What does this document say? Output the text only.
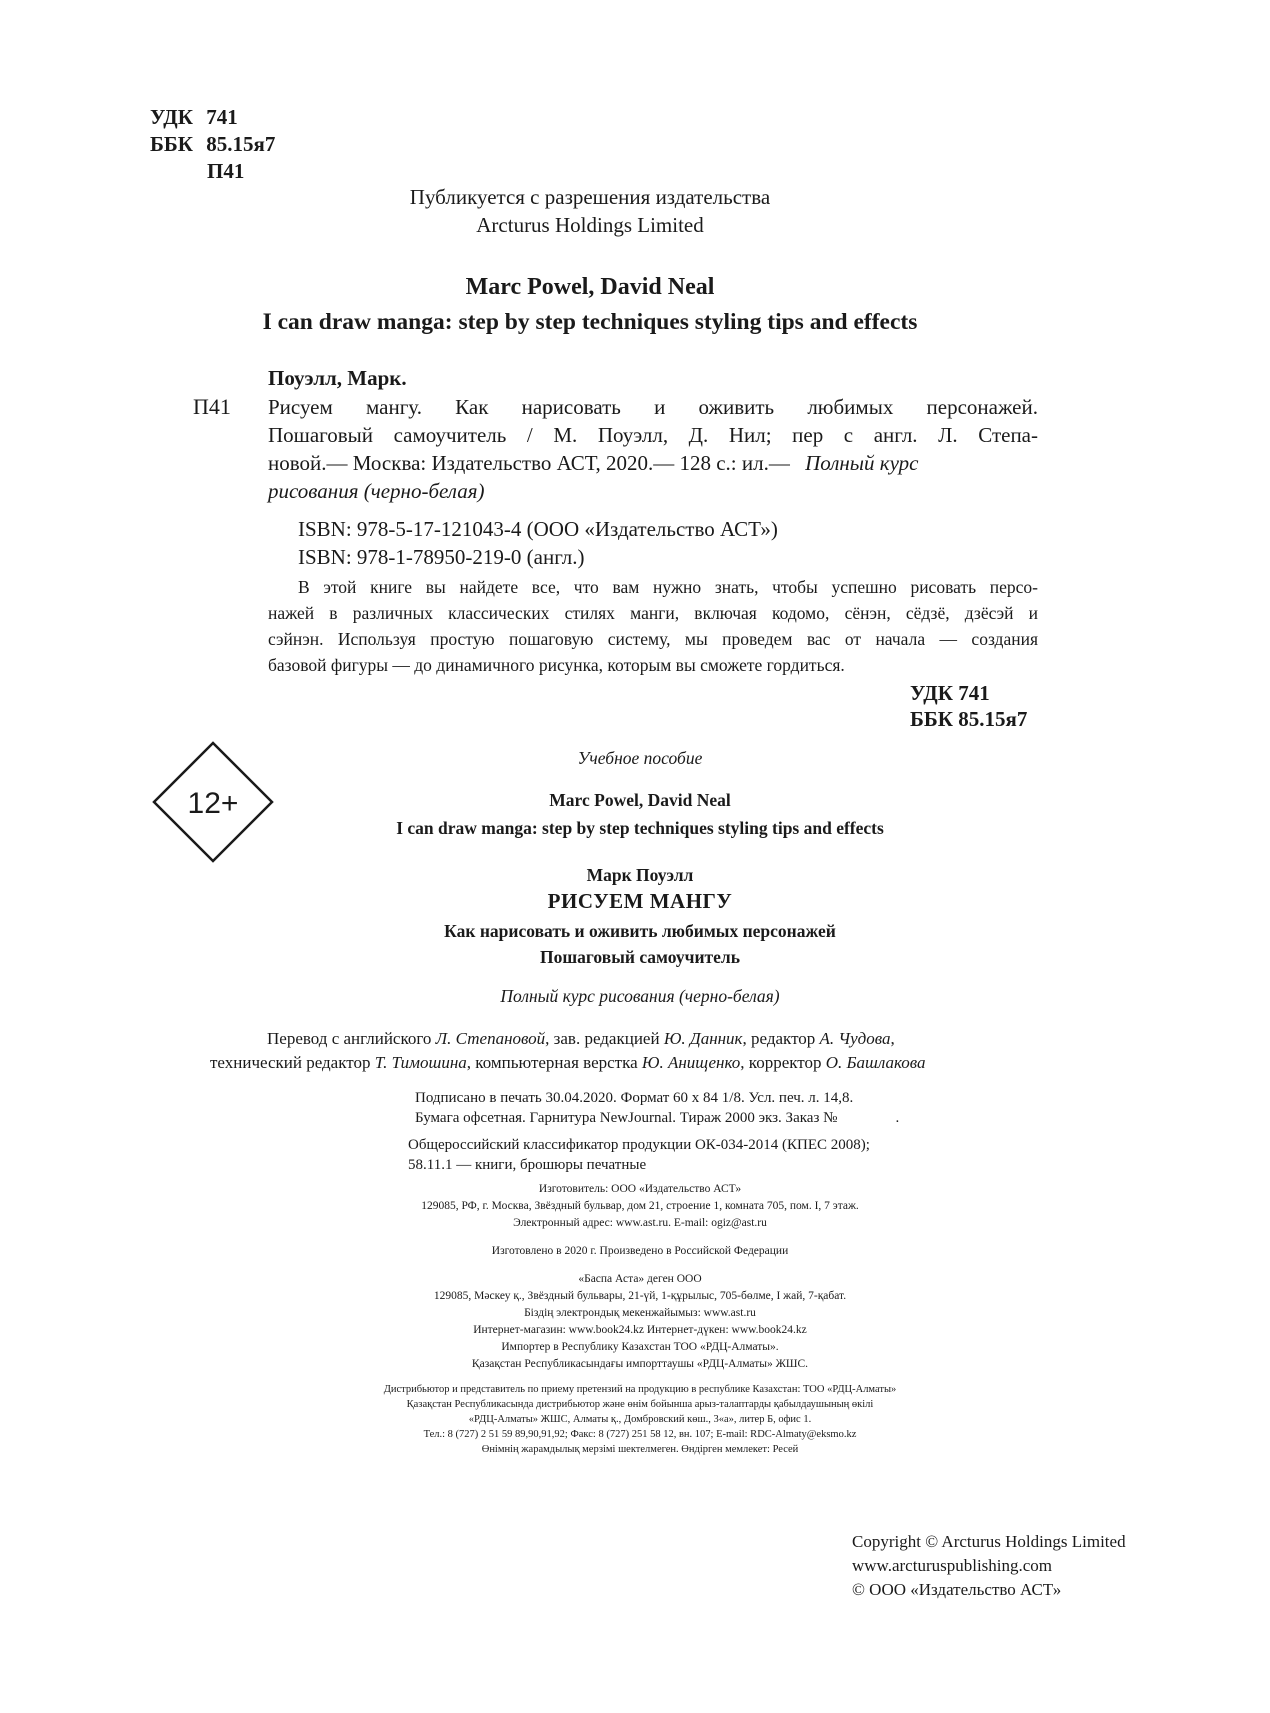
УДК 741
ББК 85.15я7
П41
Публикуется с разрешения издательства
Arcturus Holdings Limited
Marc Powel, David Neal
I can draw manga: step by step techniques styling tips and effects
Поуэлл, Марк.
П41 Рисуем мангу. Как нарисовать и оживить любимых персонажей.
Пошаговый самоучитель / М. Поуэлл, Д. Нил; пер с англ. Л. Степа-
новой.— Москва: Издательство АСТ, 2020.— 128 с.: ил.— Полный курс
рисования (черно-белая)
ISBN: 978-5-17-121043-4 (ООО «Издательство АСТ»)
ISBN: 978-1-78950-219-0 (англ.)
В этой книге вы найдете все, что вам нужно знать, чтобы успешно рисовать персо-
нажей в различных классических стилях манги, включая кодомо, сёнэн, сёдзё, дзёсэй и
сэйнэн. Используя простую пошаговую систему, мы проведем вас от начала — создания
базовой фигуры — до динамичного рисунка, которым вы сможете гордиться.
УДК 741
ББК 85.15я7
Учебное пособие
12+	Marc Powel, David Neal
I can draw manga: step by step techniques styling tips and effects
Марк Поуэлл
РИСУЕМ МАНГУ
Как нарисовать и оживить любимых персонажей
Пошаговый самоучитель
Полный курс рисования (черно-белая)
Перевод с английского Л. Степановой, зав. редакцией Ю. Данник, редактор А. Чудова,
технический редактор Т. Тимошина, компьютерная верстка Ю. Анищенко, корректор О. Башлакова
Подписано в печать 30.04.2020. Формат 60 x 84 1/8. Усл. печ. л. 14,8.
Бумага офсетная. Гарнитура NewJournal. Тираж 2000 экз. Заказ №	.
Общероссийский классификатор продукции ОК-034-2014 (КПЕС 2008);
58.11.1 — книги, брошюры печатные
Изготовитель: ООО «Издательство АСТ»
129085, РФ, г. Москва, Звёздный бульвар, дом 21, строение 1, комната 705, пом. I, 7 этаж.
Электронный адрес: www.ast.ru. E-mail: ogiz@ast.ru
Изготовлено в 2020 г. Произведено в Российской Федерации
«Баспа Аста» деген ООО
129085, Мәскеу қ., Звёздный бульвары, 21-үй, 1-құрылыс, 705-бөлме, I жай, 7-қабат.
Біздің электрондық мекенжайымыз: www.ast.ru
Интернет-магазин: www.book24.kz Интернет-дүкен: www.book24.kz
Импортер в Республику Казахстан ТОО «РДЦ-Алматы».
Қазақстан Республикасындағы импорттаушы «РДЦ-Алматы» ЖШС.
Дистрибьютор и представитель по приему претензий на продукцию в республике Казахстан: ТОО «РДЦ-Алматы»
Қазақстан Республикасында дистрибьютор және өнім бойынша арыз-талаптарды қабылдаушының өкілі
«РДЦ-Алматы» ЖШС, Алматы қ., Домбровский көш., 3«а», литер Б, офис 1.
Тел.: 8 (727) 2 51 59 89,90,91,92; Факс: 8 (727) 251 58 12, вн. 107; E-mail: RDC-Almaty@eksmo.kz
Өнімнің жарамдылық мерзімі шектелмеген. Өндірген мемлекет: Ресей
Copyright © Arcturus Holdings Limited
www.arcturuspublishing.com
© ООО «Издательство АСТ»
